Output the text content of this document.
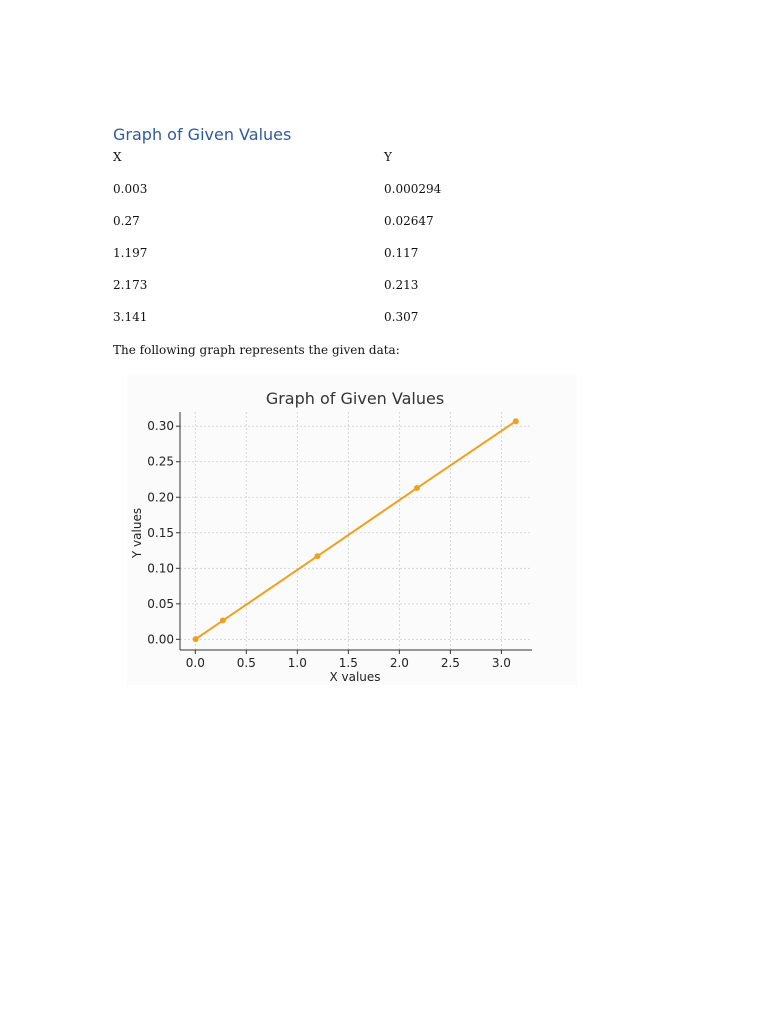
Graph of Given Values
X	Y
0.003	0.000294
0.27	0.02647
1.197	0.117
2.173	0.213
3.141	0.307

The following graph represents the given data:

0.0	0.5	1.0	1.5	2.0	2.5	3.0
0.00
0.05
0.10
0.15
0.20
0.25
0.30
Graph of Given Values
X values
Y values
